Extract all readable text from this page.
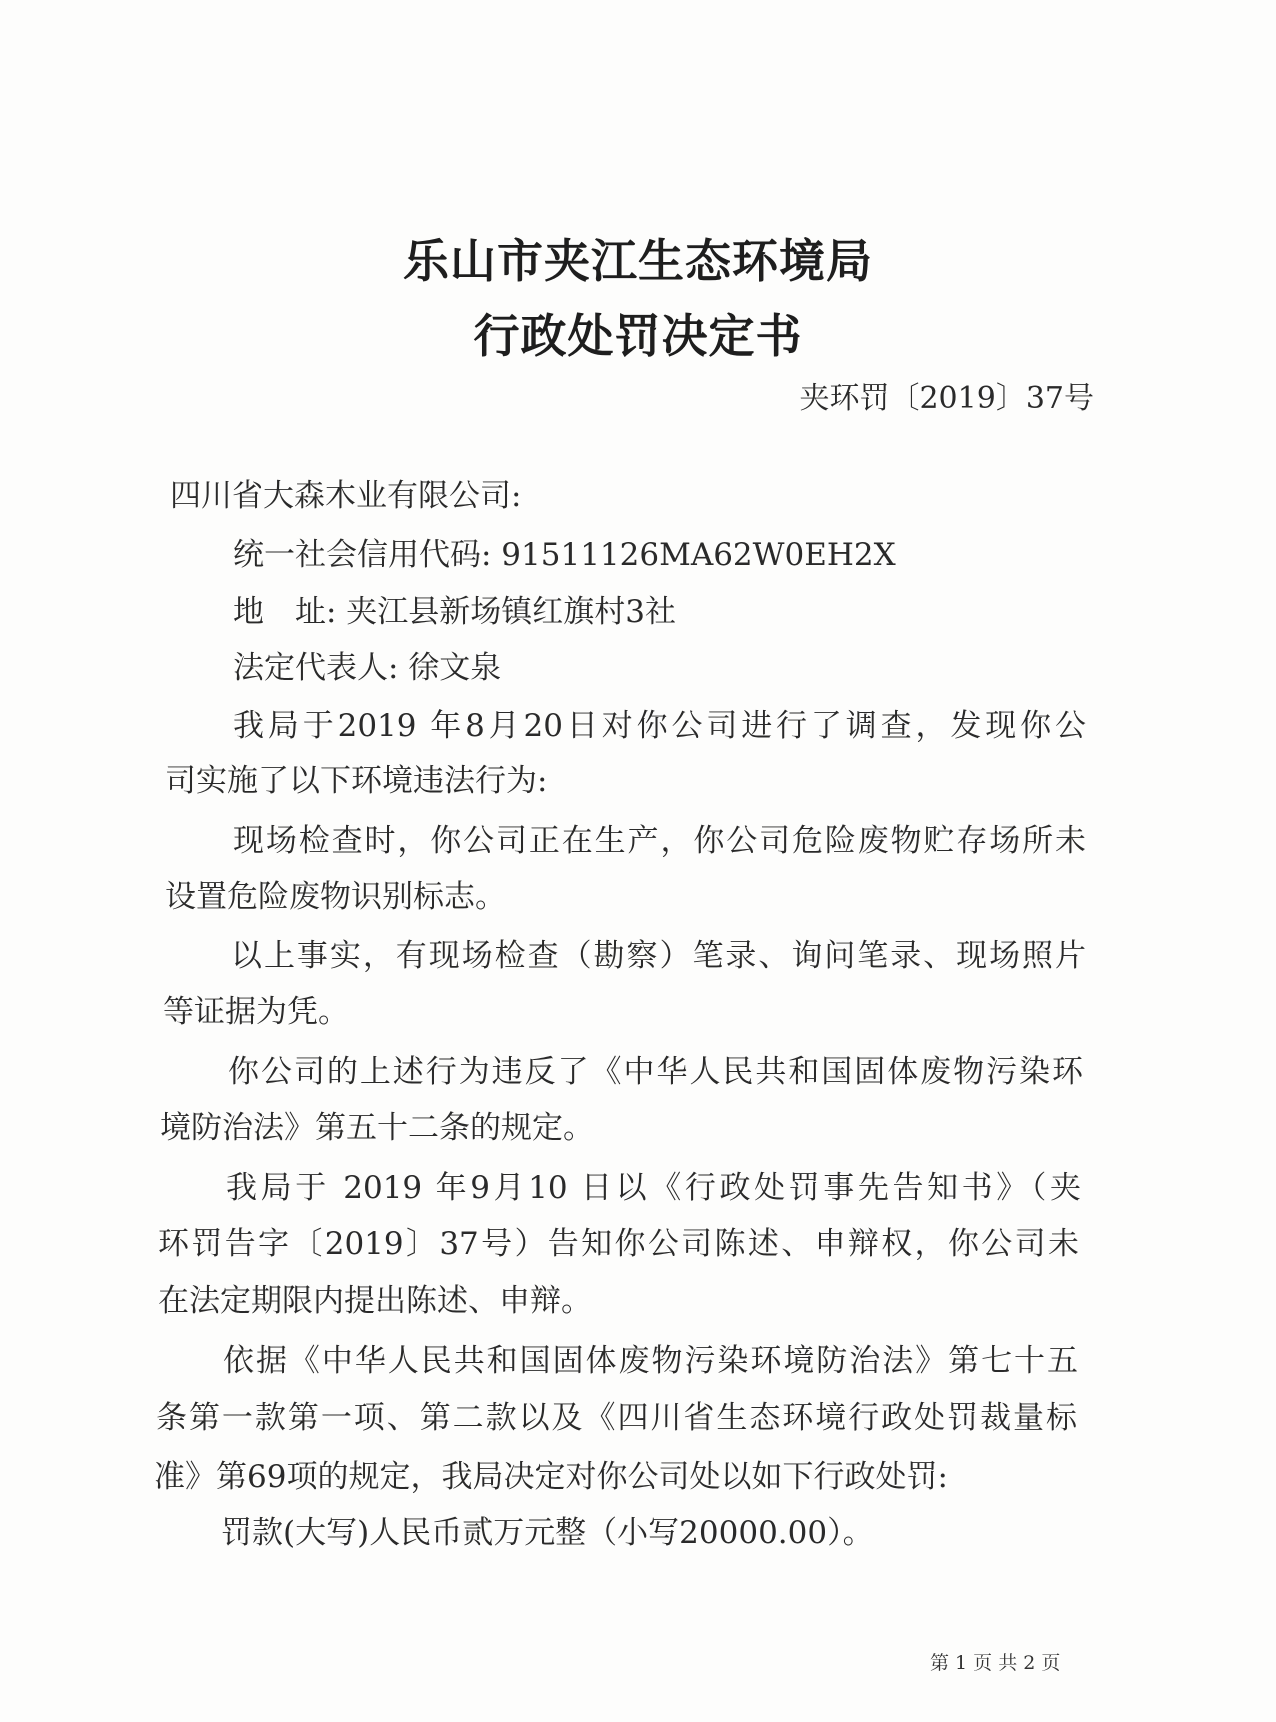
乐山市夹江生态环境局
行政处罚决定书
夹环罚〔2019〕37号
四川省大森木业有限公司:
统一社会信用代码: 91511126MA62W0EH2X
地　址: 夹江县新场镇红旗村3社
法定代表人: 徐文泉
我局于2019 年8月20日对你公司进行了调查，发现你公
司实施了以下环境违法行为:
现场检查时，你公司正在生产，你公司危险废物贮存场所未
设置危险废物识别标志。
以上事实，有现场检查（勘察）笔录、询问笔录、现场照片
等证据为凭。
你公司的上述行为违反了《中华人民共和国固体废物污染环
境防治法》第五十二条的规定。
我局于 2019 年9月10 日以《行政处罚事先告知书》（夹
环罚告字〔2019〕37号）告知你公司陈述、申辩权，你公司未
在法定期限内提出陈述、申辩。
依据《中华人民共和国固体废物污染环境防治法》第七十五
条第一款第一项、第二款以及《四川省生态环境行政处罚裁量标
准》第69项的规定，我局决定对你公司处以如下行政处罚:
罚款(大写)人民币贰万元整（小写20000.00）。
第 1 页 共 2 页
